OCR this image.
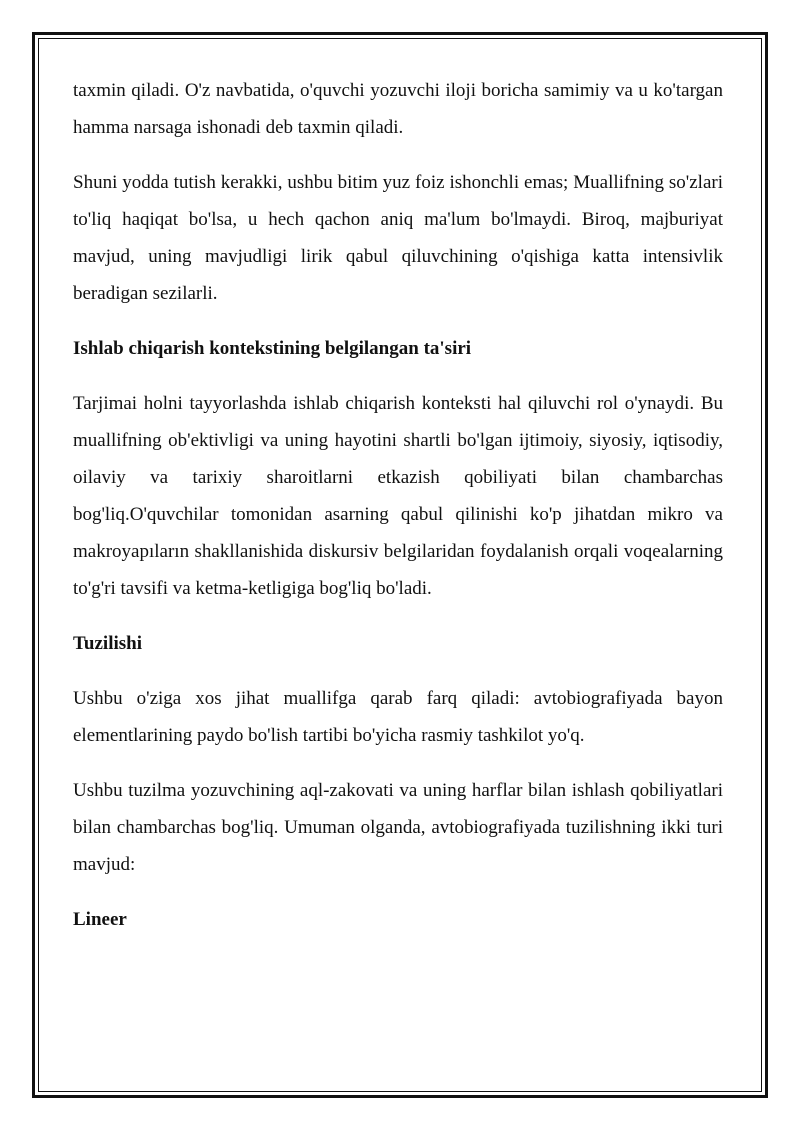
taxmin qiladi. O'z navbatida, o'quvchi yozuvchi iloji boricha samimiy va u ko'targan hamma narsaga ishonadi deb taxmin qiladi.

Shuni yodda tutish kerakki, ushbu bitim yuz foiz ishonchli emas; Muallifning so'zlari to'liq haqiqat bo'lsa, u hech qachon aniq ma'lum bo'lmaydi. Biroq, majburiyat mavjud, uning mavjudligi lirik qabul qiluvchining o'qishiga katta intensivlik beradigan sezilarli.

Ishlab chiqarish kontekstining belgilangan ta'siri

Tarjimai holni tayyorlashda ishlab chiqarish konteksti hal qiluvchi rol o'ynaydi. Bu muallifning ob'ektivligi va uning hayotini shartli bo'lgan ijtimoiy, siyosiy, iqtisodiy, oilaviy va tarixiy sharoitlarni etkazish qobiliyati bilan chambarchas bog'liq.O'quvchilar tomonidan asarning qabul qilinishi ko'p jihatdan mikro va makroyapıların shakllanishida diskursiv belgilaridan foydalanish orqali voqealarning to'g'ri tavsifi va ketma-ketligiga bog'liq bo'ladi.

Tuzilishi

Ushbu o'ziga xos jihat muallifga qarab farq qiladi: avtobiografiyada bayon elementlarining paydo bo'lish tartibi bo'yicha rasmiy tashkilot yo'q.

Ushbu tuzilma yozuvchining aql-zakovati va uning harflar bilan ishlash qobiliyatlari bilan chambarchas bog'liq. Umuman olganda, avtobiografiyada tuzilishning ikki turi mavjud:

Lineer
